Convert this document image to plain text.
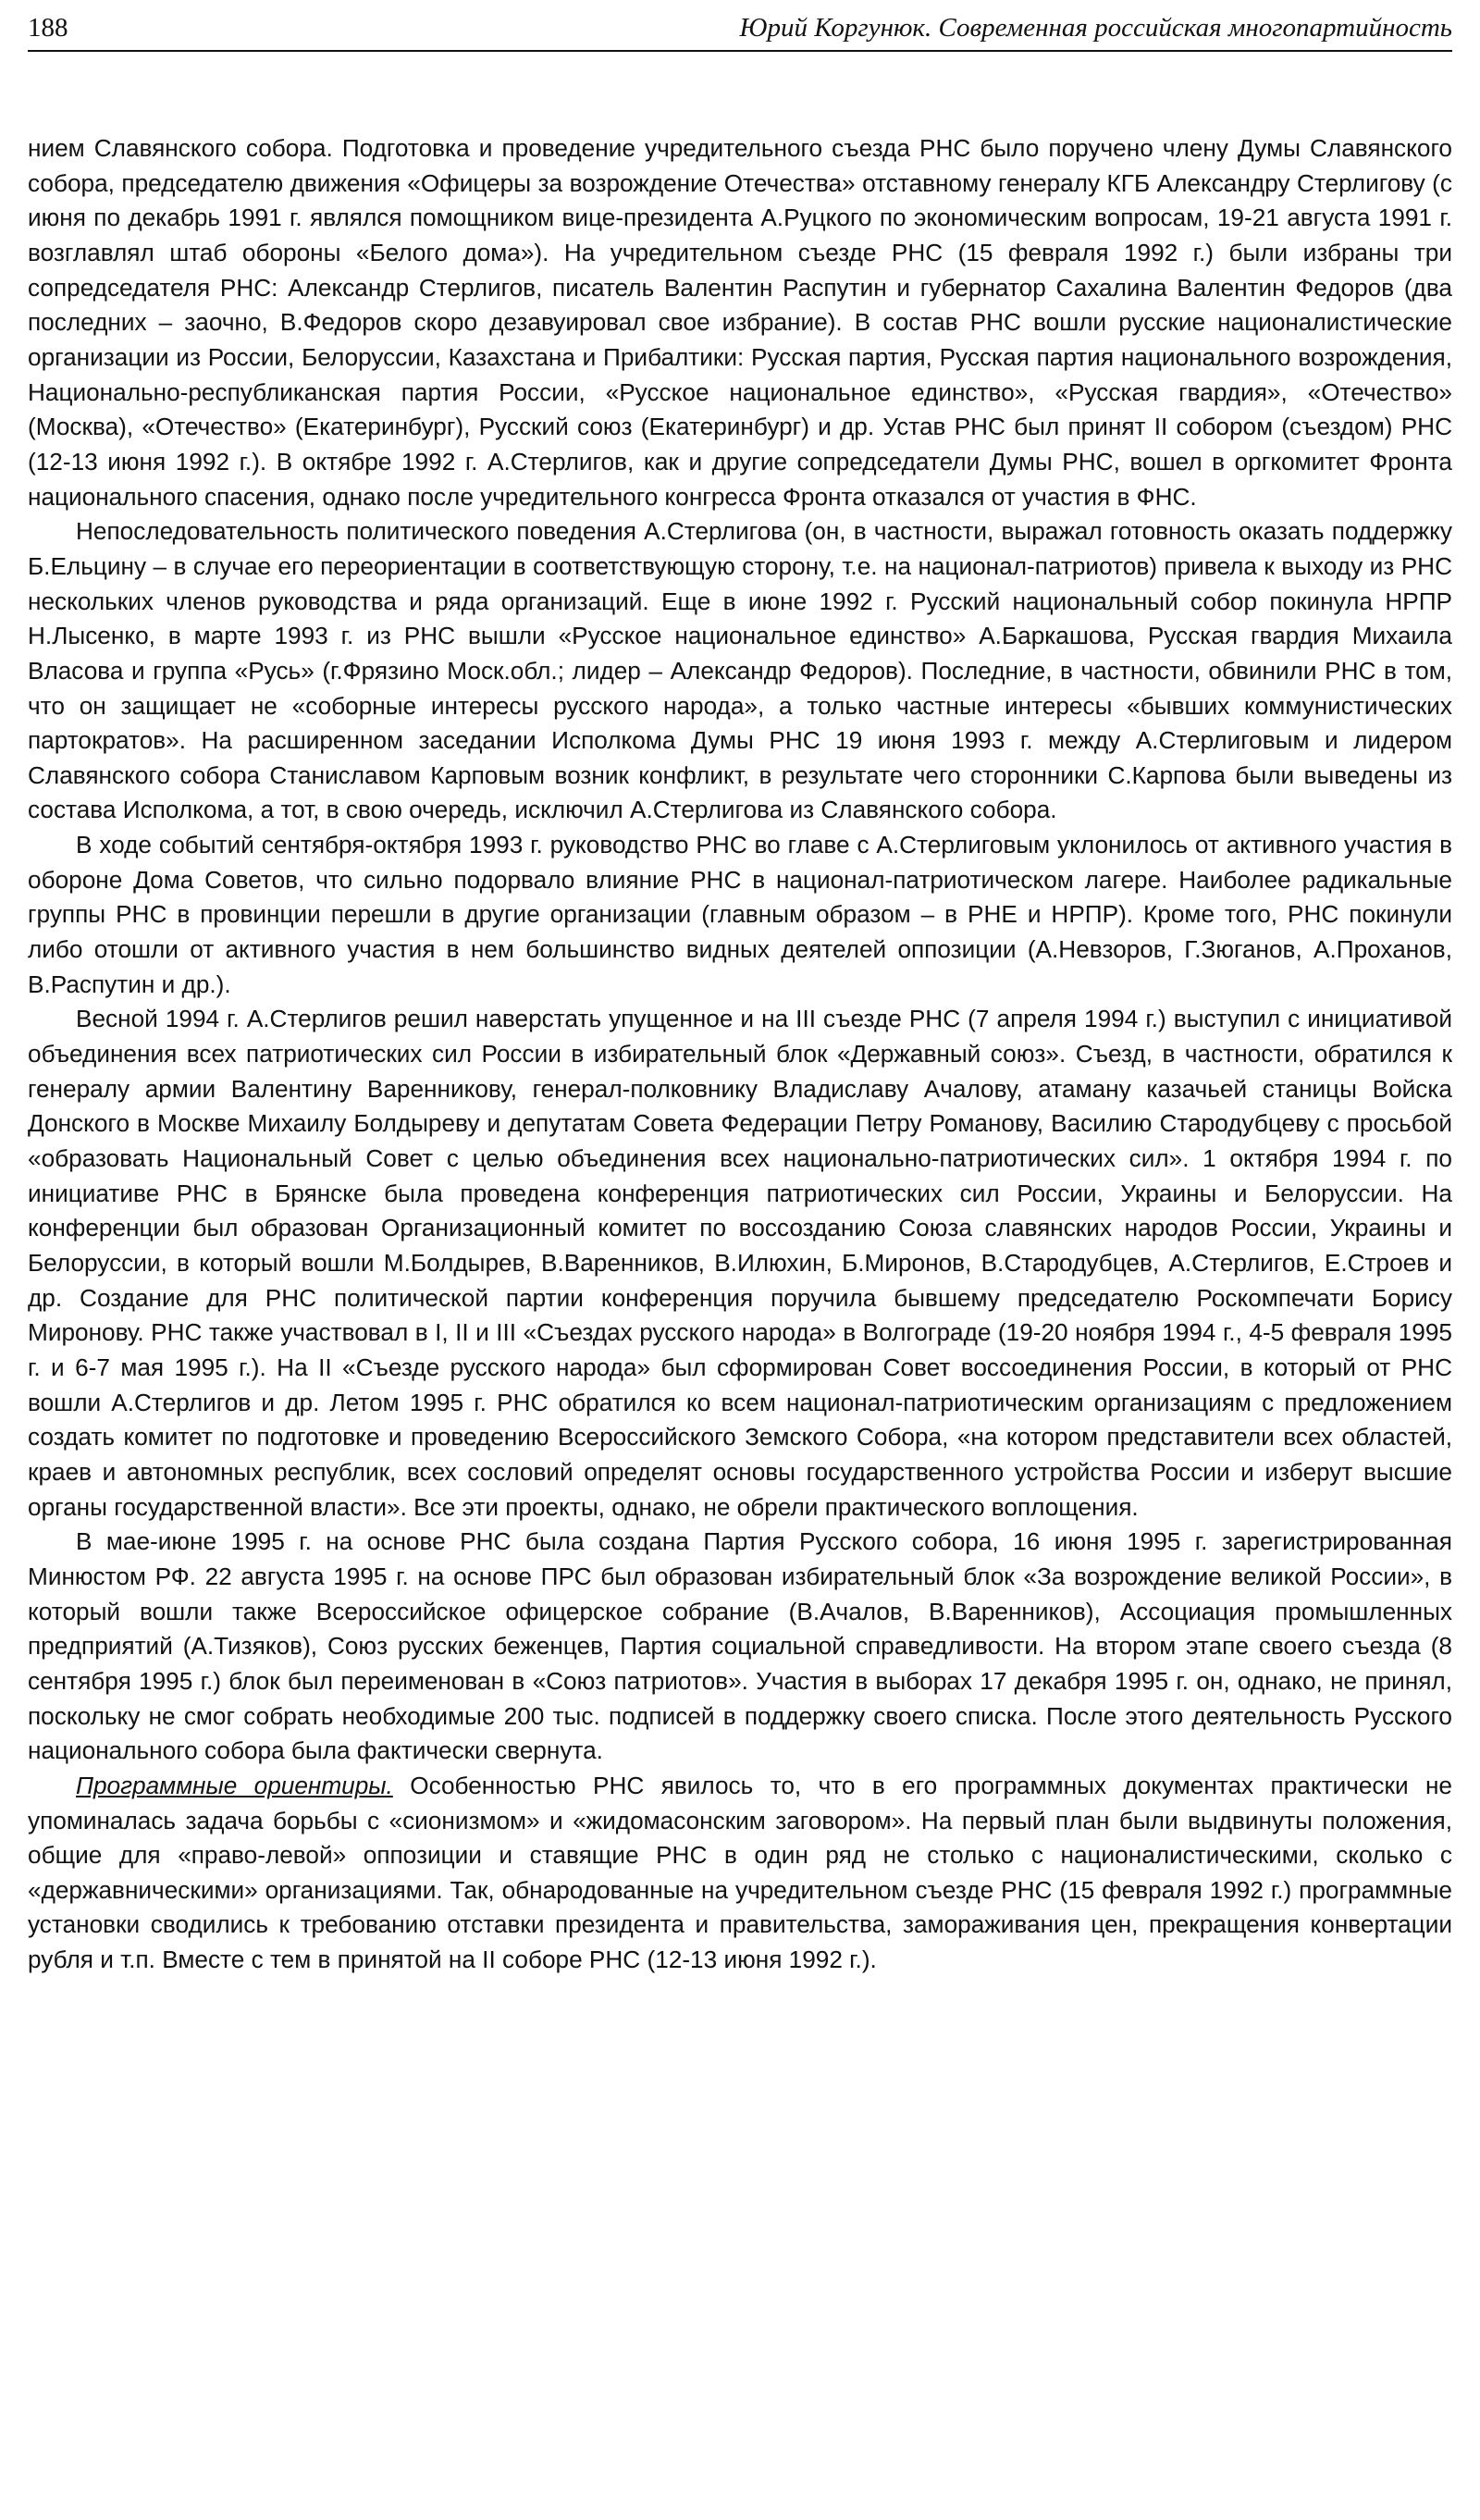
188	Юрий Коргунюк. Современная российская многопартийность

нием Славянского собора. Подготовка и проведение учредительного съезда РНС было поручено члену Думы Славянского собора, председателю движения «Офицеры за возрождение Отечества» отставному генералу КГБ Александру Стерлигову (с июня по декабрь 1991 г. являлся помощником вице-президента А.Руцкого по экономическим вопросам, 19-21 августа 1991 г. возглавлял штаб обороны «Белого дома»). На учредительном съезде РНС (15 февраля 1992 г.) были избраны три сопредседателя РНС: Александр Стерлигов, писатель Валентин Распутин и губернатор Сахалина Валентин Федоров (два последних – заочно, В.Федоров скоро дезавуировал свое избрание). В состав РНС вошли русские националистические организации из России, Белоруссии, Казахстана и Прибалтики: Русская партия, Русская партия национального возрождения, Национально-республиканская партия России, «Русское национальное единство», «Русская гвардия», «Отечество» (Москва), «Отечество» (Екатеринбург), Русский союз (Екатеринбург) и др. Устав РНС был принят II собором (съездом) РНС (12-13 июня 1992 г.). В октябре 1992 г. А.Стерлигов, как и другие сопредседатели Думы РНС, вошел в оргкомитет Фронта национального спасения, однако после учредительного конгресса Фронта отказался от участия в ФНС.

Непоследовательность политического поведения А.Стерлигова (он, в частности, выражал готовность оказать поддержку Б.Ельцину – в случае его переориентации в соответствующую сторону, т.е. на национал-патриотов) привела к выходу из РНС нескольких членов руководства и ряда организаций. Еще в июне 1992 г. Русский национальный собор покинула НРПР Н.Лысенко, в марте 1993 г. из РНС вышли «Русское национальное единство» А.Баркашова, Русская гвардия Михаила Власова и группа «Русь» (г.Фрязино Моск.обл.; лидер – Александр Федоров). Последние, в частности, обвинили РНС в том, что он защищает не «соборные интересы русского народа», а только частные интересы «бывших коммунистических партократов». На расширенном заседании Исполкома Думы РНС 19 июня 1993 г. между А.Стерлиговым и лидером Славянского собора Станиславом Карповым возник конфликт, в результате чего сторонники С.Карпова были выведены из состава Исполкома, а тот, в свою очередь, исключил А.Стерлигова из Славянского собора.

В ходе событий сентября-октября 1993 г. руководство РНС во главе с А.Стерлиговым уклонилось от активного участия в обороне Дома Советов, что сильно подорвало влияние РНС в национал-патриотическом лагере. Наиболее радикальные группы РНС в провинции перешли в другие организации (главным образом – в РНЕ и НРПР). Кроме того, РНС покинули либо отошли от активного участия в нем большинство видных деятелей оппозиции (А.Невзоров, Г.Зюганов, А.Проханов, В.Распутин и др.).

Весной 1994 г. А.Стерлигов решил наверстать упущенное и на III съезде РНС (7 апреля 1994 г.) выступил с инициативой объединения всех патриотических сил России в избирательный блок «Державный союз». Съезд, в частности, обратился к генералу армии Валентину Варенникову, генерал-полковнику Владиславу Ачалову, атаману казачьей станицы Войска Донского в Москве Михаилу Болдыреву и депутатам Совета Федерации Петру Романову, Василию Стародубцеву с просьбой «образовать Национальный Совет с целью объединения всех национально-патриотических сил». 1 октября 1994 г. по инициативе РНС в Брянске была проведена конференция патриотических сил России, Украины и Белоруссии. На конференции был образован Организационный комитет по воссозданию Союза славянских народов России, Украины и Белоруссии, в который вошли М.Болдырев, В.Варенников, В.Илюхин, Б.Миронов, В.Стародубцев, А.Стерлигов, Е.Строев и др. Создание для РНС политической партии конференция поручила бывшему председателю Роскомпечати Борису Миронову. РНС также участвовал в I, II и III «Съездах русского народа» в Волгограде (19-20 ноября 1994 г., 4-5 февраля 1995 г. и 6-7 мая 1995 г.). На II «Съезде русского народа» был сформирован Совет воссоединения России, в который от РНС вошли А.Стерлигов и др. Летом 1995 г. РНС обратился ко всем национал-патриотическим организациям с предложением создать комитет по подготовке и проведению Всероссийского Земского Собора, «на котором представители всех областей, краев и автономных республик, всех сословий определят основы государственного устройства России и изберут высшие органы государственной власти». Все эти проекты, однако, не обрели практического воплощения.

В мае-июне 1995 г. на основе РНС была создана Партия Русского собора, 16 июня 1995 г. зарегистрированная Минюстом РФ. 22 августа 1995 г. на основе ПРС был образован избирательный блок «За возрождение великой России», в который вошли также Всероссийское офицерское собрание (В.Ачалов, В.Варенников), Ассоциация промышленных предприятий (А.Тизяков), Союз русских беженцев, Партия социальной справедливости. На втором этапе своего съезда (8 сентября 1995 г.) блок был переименован в «Союз патриотов». Участия в выборах 17 декабря 1995 г. он, однако, не принял, поскольку не смог собрать необходимые 200 тыс. подписей в поддержку своего списка. После этого деятельность Русского национального собора была фактически свернута.

Программные ориентиры. Особенностью РНС явилось то, что в его программных документах практически не упоминалась задача борьбы с «сионизмом» и «жидомасонским заговором». На первый план были выдвинуты положения, общие для «право-левой» оппозиции и ставящие РНС в один ряд не столько с националистическими, сколько с «державническими» организациями. Так, обнародованные на учредительном съезде РНС (15 февраля 1992 г.) программные установки сводились к требованию отставки президента и правительства, замораживания цен, прекращения конвертации рубля и т.п. Вместе с тем в принятой на II соборе РНС (12-13 июня 1992 г.).
